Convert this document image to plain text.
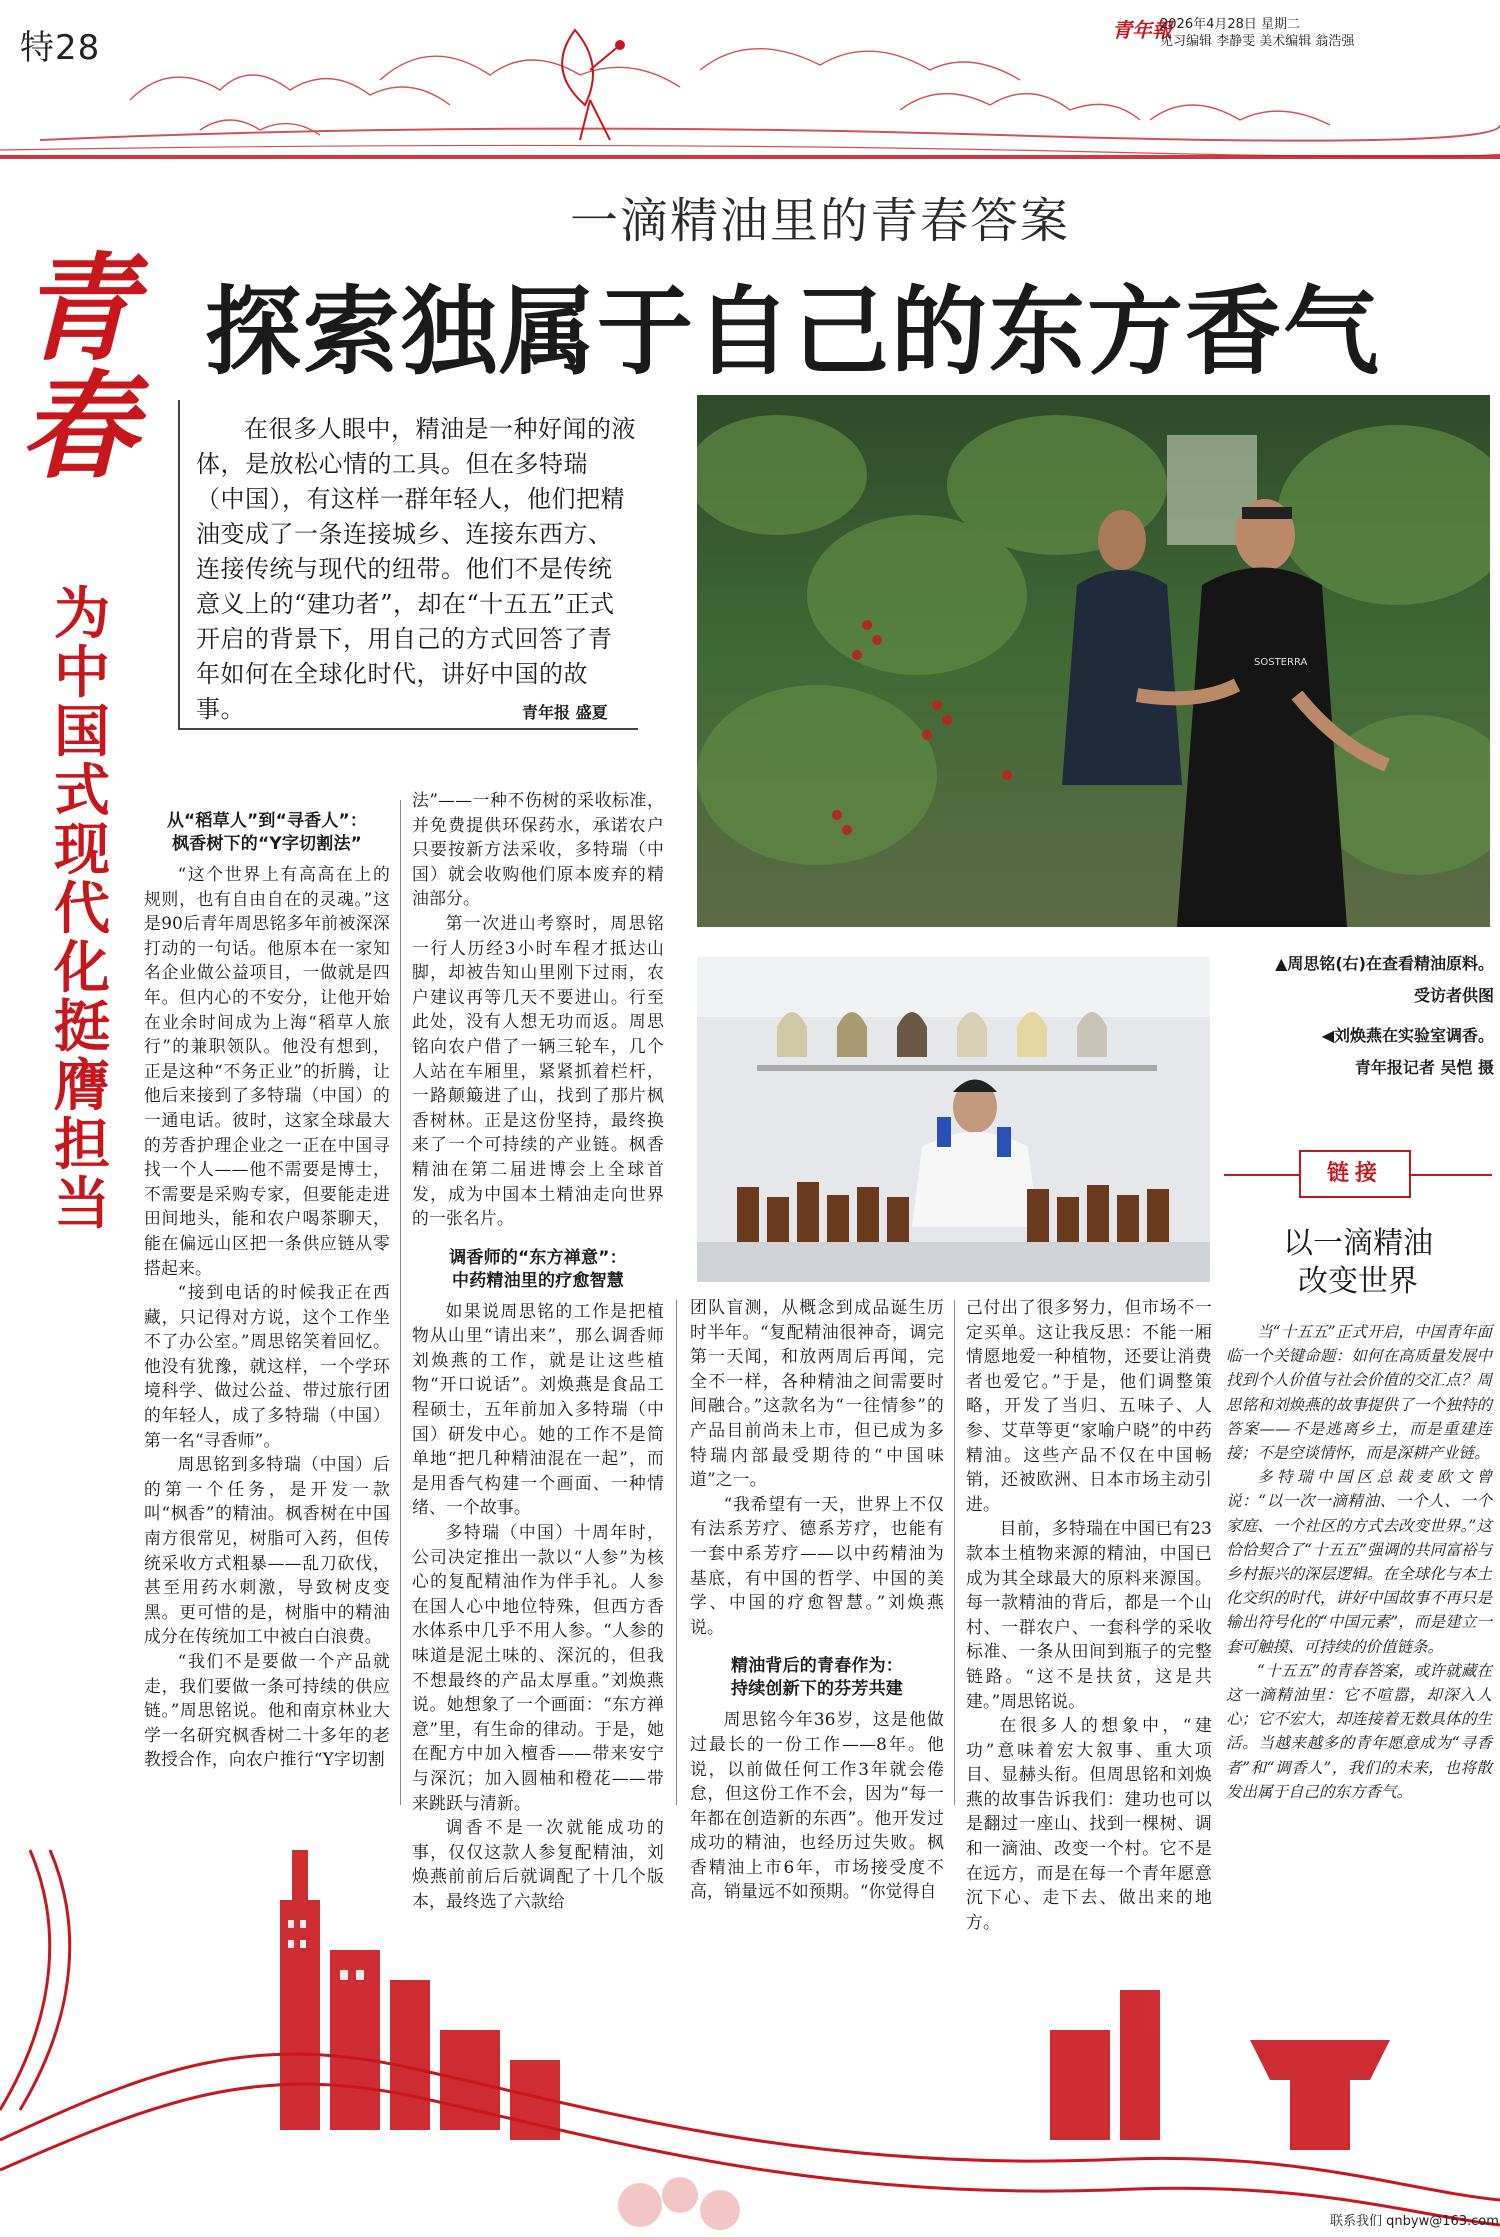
特28	青年報
2026年4月28日 星期二
见习编辑 李静雯 美术编辑 翁浩强
一滴精油里的青春答案
探索独属于自己的东方香气
青
春
为
中
国
式
现
代
化
挺
膺
担
当

在很多人眼中，精油是一种好闻的液体，是放松心情的工具。但在多特瑞（中国），有这样一群年轻人，他们把精油变成了一条连接城乡、连接东西方、连接传统与现代的纽带。他们不是传统意义上的“建功者”，却在“十五五”正式开启的背景下，用自己的方式回答了青年如何在全球化时代，讲好中国的故事。	青年报 盛夏
SOSTERRA

▲周思铭(右)在查看精油原料。

受访者供图

◀刘焕燕在实验室调香。

青年报记者 吴恺 摄

从“稻草人”到“寻香人”：
枫香树下的“Y字切割法”

“这个世界上有高高在上的规则，也有自由自在的灵魂。”这是90后青年周思铭多年前被深深打动的一句话。他原本在一家知名企业做公益项目，一做就是四年。但内心的不安分，让他开始在业余时间成为上海“稻草人旅行”的兼职领队。他没有想到，正是这种“不务正业”的折腾，让他后来接到了多特瑞（中国）的一通电话。彼时，这家全球最大的芳香护理企业之一正在中国寻找一个人——他不需要是博士，不需要是采购专家，但要能走进田间地头，能和农户喝茶聊天，能在偏远山区把一条供应链从零搭起来。

“接到电话的时候我正在西藏，只记得对方说，这个工作坐不了办公室。”周思铭笑着回忆。他没有犹豫，就这样，一个学环境科学、做过公益、带过旅行团的年轻人，成了多特瑞（中国）第一名“寻香师”。

周思铭到多特瑞（中国）后的第一个任务，是开发一款叫“枫香”的精油。枫香树在中国南方很常见，树脂可入药，但传统采收方式粗暴——乱刀砍伐，甚至用药水刺激，导致树皮变黑。更可惜的是，树脂中的精油成分在传统加工中被白白浪费。

“我们不是要做一个产品就走，我们要做一条可持续的供应链。”周思铭说。他和南京林业大学一名研究枫香树二十多年的老教授合作，向农户推行“Y字切割

法”——一种不伤树的采收标准，并免费提供环保药水，承诺农户只要按新方法采收，多特瑞（中国）就会收购他们原本废弃的精油部分。

第一次进山考察时，周思铭一行人历经3小时车程才抵达山脚，却被告知山里刚下过雨，农户建议再等几天不要进山。行至此处，没有人想无功而返。周思铭向农户借了一辆三轮车，几个人站在车厢里，紧紧抓着栏杆，一路颠簸进了山，找到了那片枫香树林。正是这份坚持，最终换来了一个可持续的产业链。枫香精油在第二届进博会上全球首发，成为中国本土精油走向世界的一张名片。

调香师的“东方禅意”：
中药精油里的疗愈智慧

如果说周思铭的工作是把植物从山里“请出来”，那么调香师刘焕燕的工作，就是让这些植物“开口说话”。刘焕燕是食品工程硕士，五年前加入多特瑞（中国）研发中心。她的工作不是简单地“把几种精油混在一起”，而是用香气构建一个画面、一种情绪、一个故事。

多特瑞（中国）十周年时，公司决定推出一款以“人参”为核心的复配精油作为伴手礼。人参在国人心中地位特殊，但西方香水体系中几乎不用人参。“人参的味道是泥土味的、深沉的，但我不想最终的产品太厚重。”刘焕燕说。她想象了一个画面：“东方禅意”里，有生命的律动。于是，她在配方中加入檀香——带来安宁与深沉；加入圆柚和橙花——带来跳跃与清新。

调香不是一次就能成功的事，仅仅这款人参复配精油，刘焕燕前前后后就调配了十几个版本，最终选了六款给

团队盲测，从概念到成品诞生历时半年。“复配精油很神奇，调完第一天闻，和放两周后再闻，完全不一样，各种精油之间需要时间融合。”这款名为“一往情参”的产品目前尚未上市，但已成为多特瑞内部最受期待的“中国味道”之一。

“我希望有一天，世界上不仅有法系芳疗、德系芳疗，也能有一套中系芳疗——以中药精油为基底，有中国的哲学、中国的美学、中国的疗愈智慧。”刘焕燕说。

精油背后的青春作为：
持续创新下的芬芳共建

周思铭今年36岁，这是他做过最长的一份工作——8年。他说，以前做任何工作3年就会倦怠，但这份工作不会，因为“每一年都在创造新的东西”。他开发过成功的精油，也经历过失败。枫香精油上市6年，市场接受度不高，销量远不如预期。“你觉得自

己付出了很多努力，但市场不一定买单。这让我反思：不能一厢情愿地爱一种植物，还要让消费者也爱它。”于是，他们调整策略，开发了当归、五味子、人参、艾草等更“家喻户晓”的中药精油。这些产品不仅在中国畅销，还被欧洲、日本市场主动引进。

目前，多特瑞在中国已有23款本土植物来源的精油，中国已成为其全球最大的原料来源国。每一款精油的背后，都是一个山村、一群农户、一套科学的采收标准、一条从田间到瓶子的完整链路。“这不是扶贫，这是共建。”周思铭说。

在很多人的想象中，“建功”意味着宏大叙事、重大项目、显赫头衔。但周思铭和刘焕燕的故事告诉我们：建功也可以是翻过一座山、找到一棵树、调和一滴油、改变一个村。它不是在远方，而是在每一个青年愿意沉下心、走下去、做出来的地方。

链接
以一滴精油
改变世界

当“十五五”正式开启，中国青年面临一个关键命题：如何在高质量发展中找到个人价值与社会价值的交汇点？周思铭和刘焕燕的故事提供了一个独特的答案——不是逃离乡土，而是重建连接；不是空谈情怀，而是深耕产业链。

多特瑞中国区总裁麦欧文曾说：“以一次一滴精油、一个人、一个家庭、一个社区的方式去改变世界。”这恰恰契合了“十五五”强调的共同富裕与乡村振兴的深层逻辑。在全球化与本土化交织的时代，讲好中国故事不再只是输出符号化的“中国元素”，而是建立一套可触摸、可持续的价值链条。

“十五五”的青春答案，或许就藏在这一滴精油里：它不喧嚣，却深入人心；它不宏大，却连接着无数具体的生活。当越来越多的青年愿意成为“寻香者”和“调香人”，我们的未来，也将散发出属于自己的东方香气。

联系我们 qnbyw@163.com
